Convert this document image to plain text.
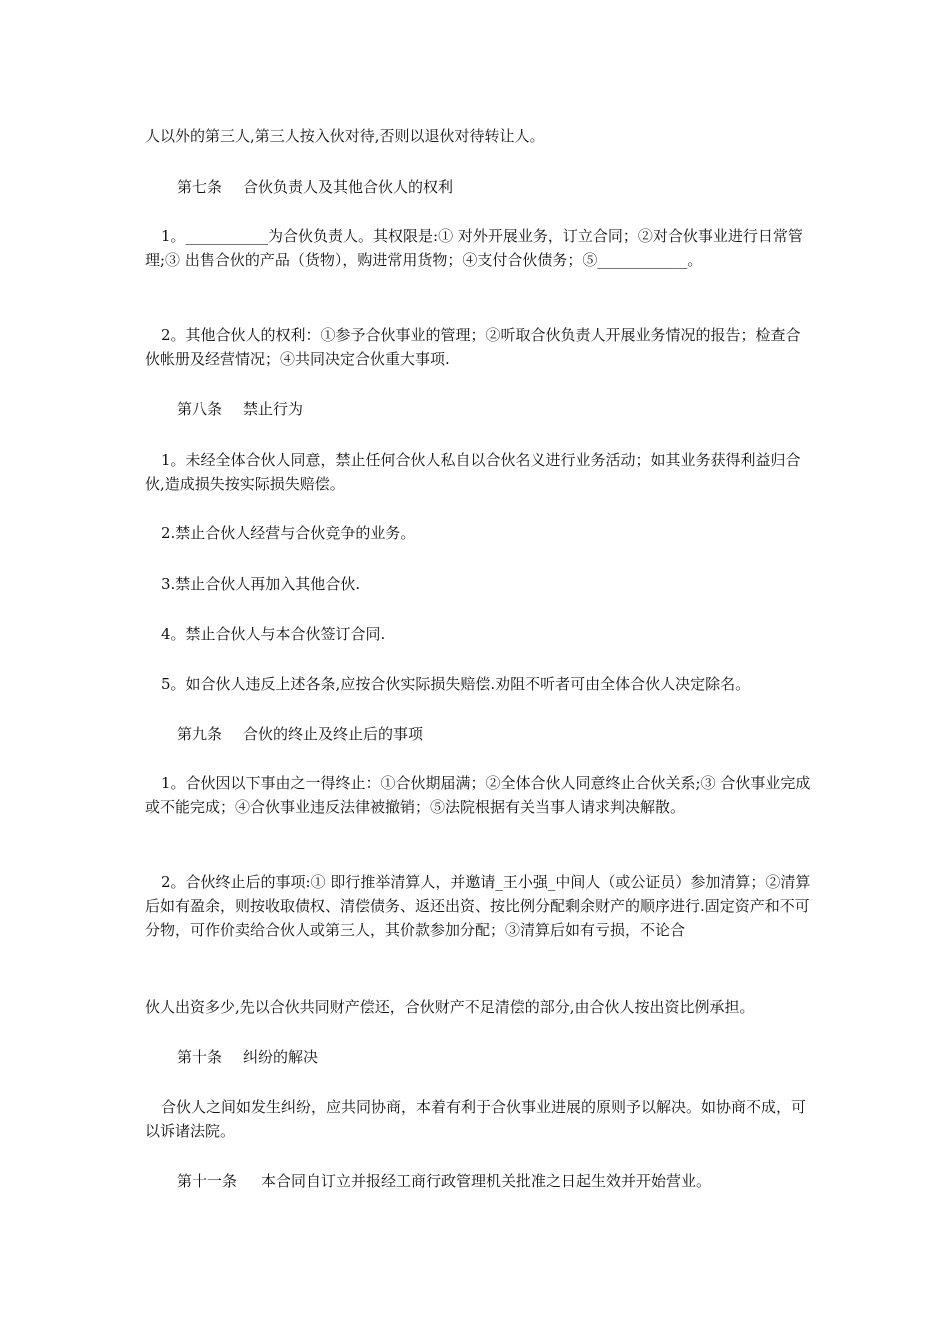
人以外的第三人,第三人按入伙对待,否则以退伙对待转让人。

第七条 合伙负责人及其他合伙人的权利

1。___________为合伙负责人。其权限是:① 对外开展业务，订立合同；②对合伙事业进行日常管理;③ 出售合伙的产品（货物），购进常用货物；④支付合伙债务；⑤____________。

2。其他合伙人的权利：①参予合伙事业的管理；②听取合伙负责人开展业务情况的报告；检查合伙帐册及经营情况；④共同决定合伙重大事项.

第八条 禁止行为

1。未经全体合伙人同意，禁止任何合伙人私自以合伙名义进行业务活动；如其业务获得利益归合伙,造成损失按实际损失赔偿。

2.禁止合伙人经营与合伙竞争的业务。

3.禁止合伙人再加入其他合伙.

4。禁止合伙人与本合伙签订合同.

5。如合伙人违反上述各条,应按合伙实际损失赔偿.劝阻不听者可由全体合伙人决定除名。

第九条 合伙的终止及终止后的事项

1。合伙因以下事由之一得终止：①合伙期届满；②全体合伙人同意终止合伙关系;③ 合伙事业完成或不能完成；④合伙事业违反法律被撤销；⑤法院根据有关当事人请求判决解散。

2。合伙终止后的事项:① 即行推举清算人，并邀请_王小强_中间人（或公证员）参加清算；②清算后如有盈余，则按收取债权、清偿债务、返还出资、按比例分配剩余财产的顺序进行.固定资产和不可分物，可作价卖给合伙人或第三人，其价款参加分配；③清算后如有亏损，不论合

伙人出资多少,先以合伙共同财产偿还，合伙财产不足清偿的部分,由合伙人按出资比例承担。

第十条 纠纷的解决

合伙人之间如发生纠纷，应共同协商，本着有利于合伙事业进展的原则予以解决。如协商不成，可以诉诸法院。

第十一条 本合同自订立并报经工商行政管理机关批准之日起生效并开始营业。
